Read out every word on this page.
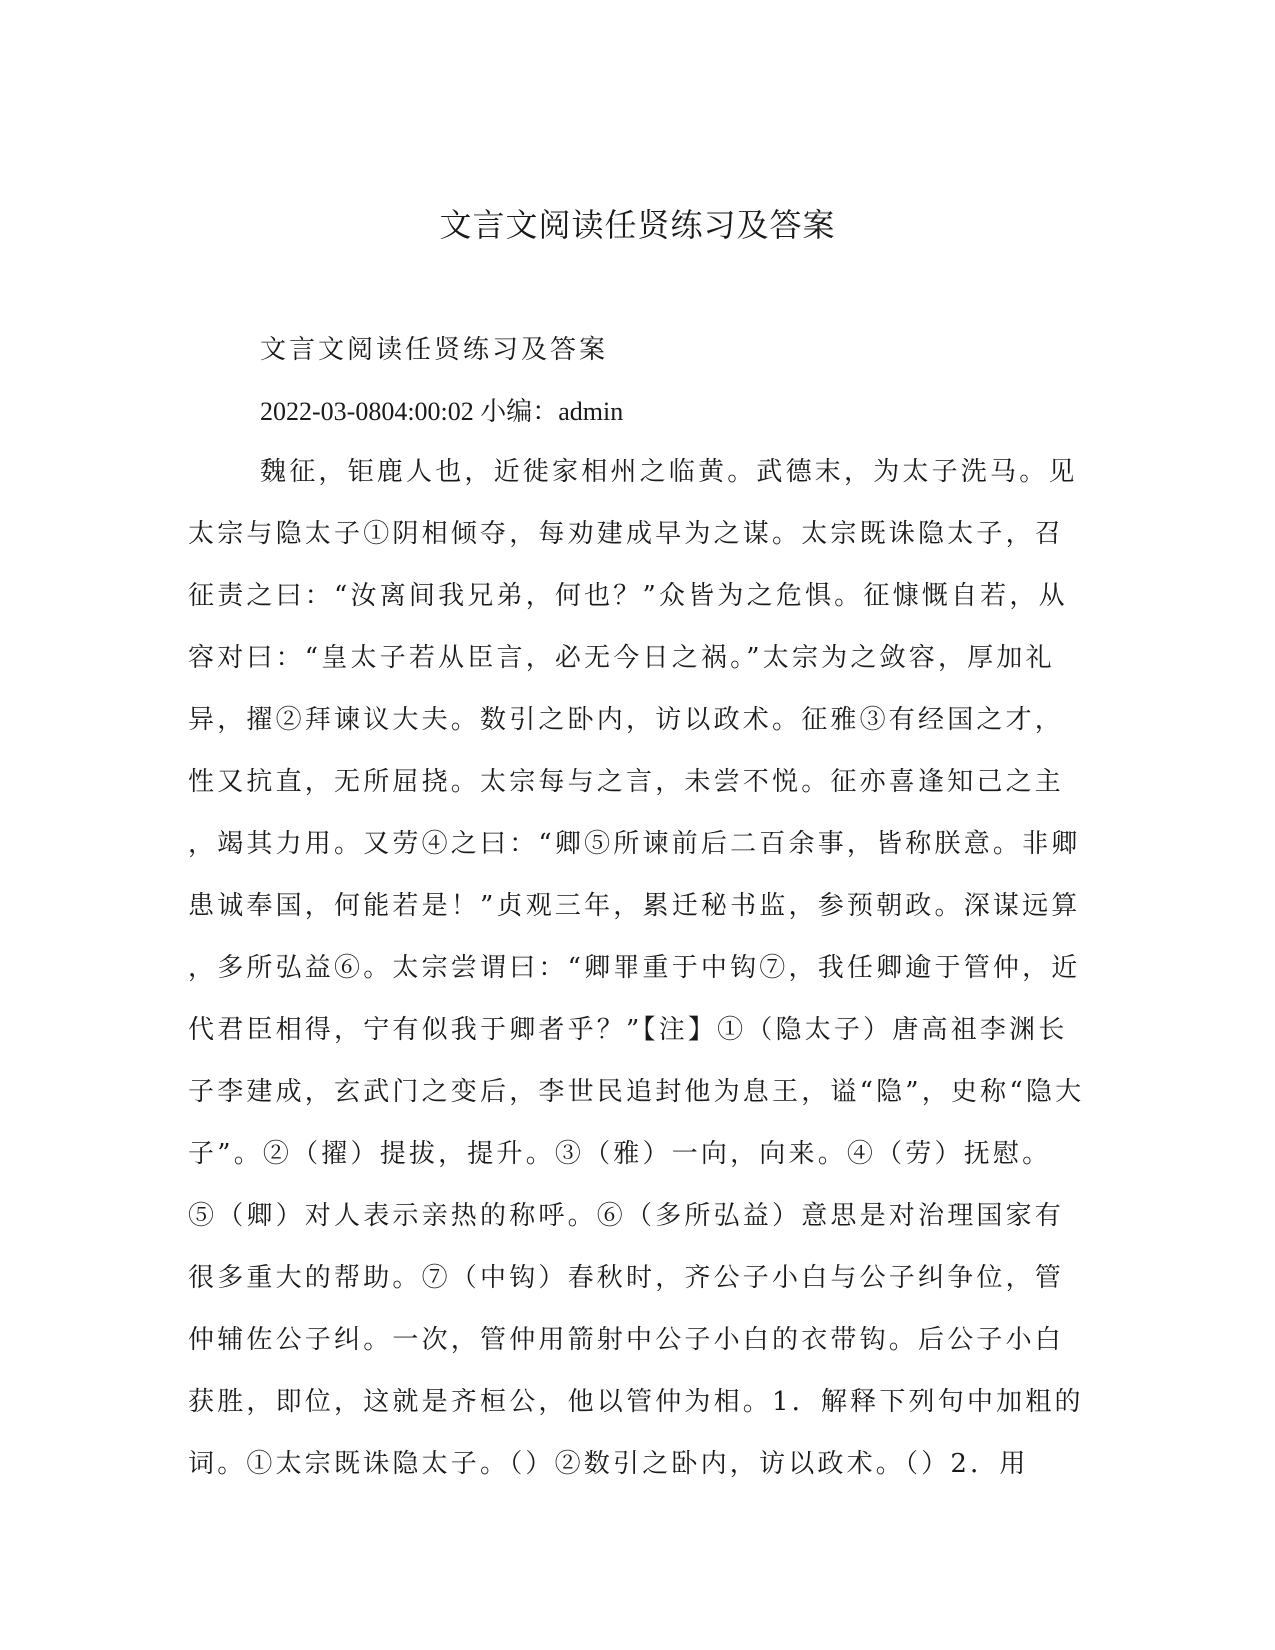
文言文阅读任贤练习及答案

文言文阅读任贤练习及答案

2022-03-0804:00:02 小编：admin

魏征，钜鹿人也，近徙家相州之临黄。武德末，为太子洗马。见
太宗与隐太子①阴相倾夺，每劝建成早为之谋。太宗既诛隐太子，召
征责之曰：“汝离间我兄弟，何也？”众皆为之危惧。征慷慨自若，从
容对曰：“皇太子若从臣言，必无今日之祸。”太宗为之敛容，厚加礼
异，擢②拜谏议大夫。数引之卧内，访以政术。征雅③有经国之才，
性又抗直，无所屈挠。太宗每与之言，未尝不悦。征亦喜逢知己之主
，竭其力用。又劳④之曰：“卿⑤所谏前后二百余事，皆称朕意。非卿
患诚奉国，何能若是！”贞观三年，累迁秘书监，参预朝政。深谋远算
，多所弘益⑥。太宗尝谓曰：“卿罪重于中钩⑦，我任卿逾于管仲，近
代君臣相得，宁有似我于卿者乎？”【注】①（隐太子）唐高祖李渊长
子李建成，玄武门之变后，李世民追封他为息王，谥“隐”，史称“隐大
子”。②（擢）提拔，提升。③（雅）一向，向来。④（劳）抚慰。
⑤（卿）对人表示亲热的称呼。⑥（多所弘益）意思是对治理国家有
很多重大的帮助。⑦（中钩）春秋时，齐公子小白与公子纠争位，管
仲辅佐公子纠。一次，管仲用箭射中公子小白的衣带钩。后公子小白
获胜，即位，这就是齐桓公，他以管仲为相。1．解释下列句中加粗的
词。①太宗既诛隐太子。（）②数引之卧内，访以政术。（）2．用
